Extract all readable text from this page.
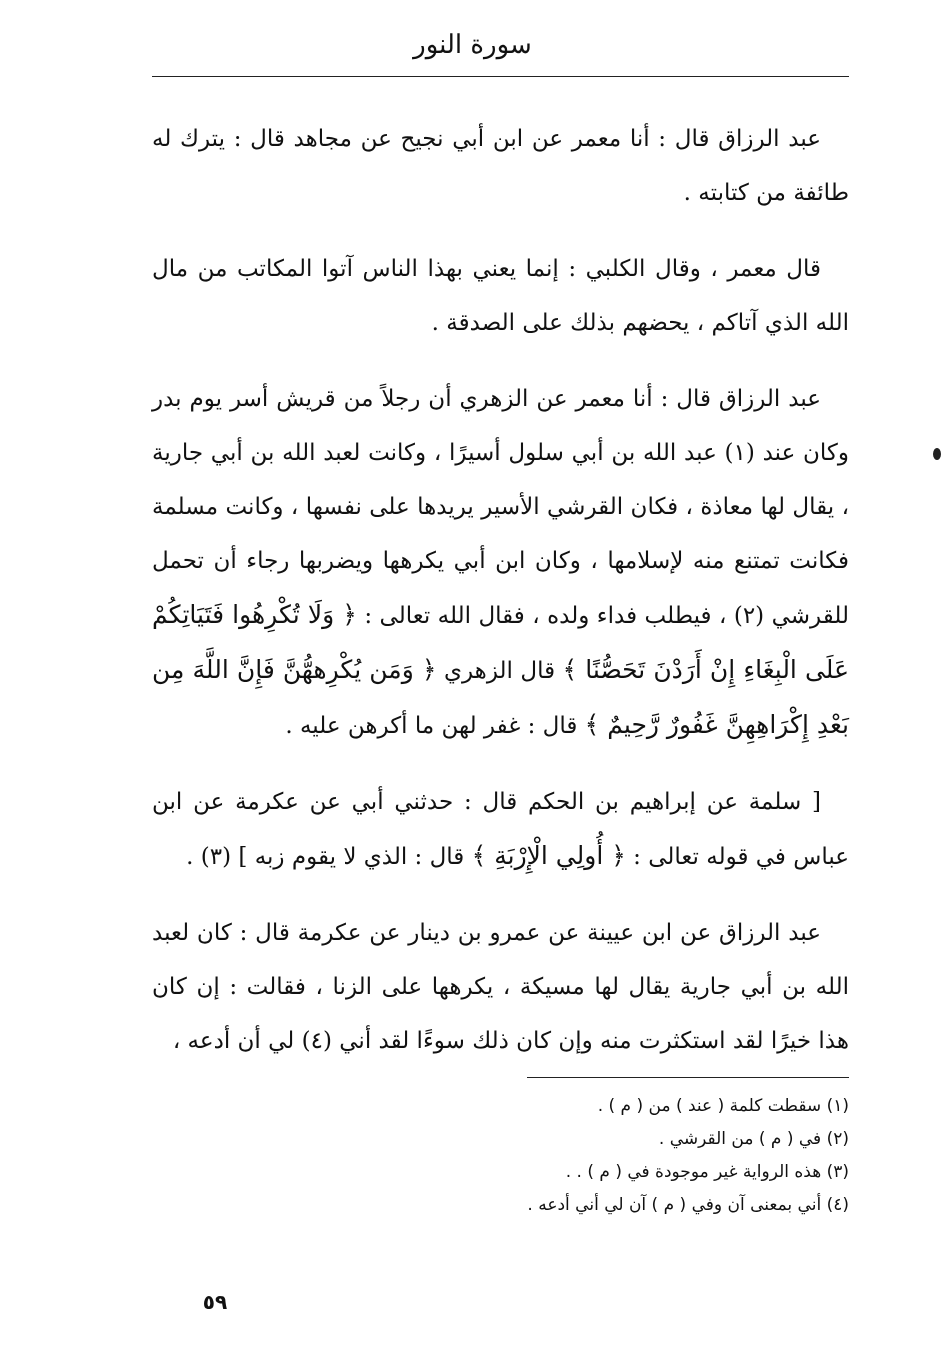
سورة النور

عبد الرزاق قال : أنا معمر عن ابن أبي نجيح عن مجاهد قال : يترك له طائفة من كتابته .

قال معمر ، وقال الكلبي : إنما يعني بهذا الناس آتوا المكاتب من مال الله الذي آتاكم ، يحضهم بذلك على الصدقة .

عبد الرزاق قال : أنا معمر عن الزهري أن رجلاً من قريش أسر يوم بدر وكان عند (١) عبد الله بن أبي سلول أسيرًا ، وكانت لعبد الله بن أبي جارية ، يقال لها معاذة ، فكان القرشي الأسير يريدها على نفسها ، وكانت مسلمة فكانت تمتنع منه لإسلامها ، وكان ابن أبي يكرهها ويضربها رجاء أن تحمل للقرشي (٢) ، فيطلب فداء ولده ، فقال الله تعالى : ﴿ وَلَا تُكْرِهُوا فَتَيَاتِكُمْ عَلَى الْبِغَاءِ إِنْ أَرَدْنَ تَحَصُّنًا ﴾ قال الزهري ﴿ وَمَن يُكْرِههُّنَّ فَإِنَّ اللَّهَ مِن بَعْدِ إِكْرَاهِهِنَّ غَفُورٌ رَّحِيمٌ ﴾ قال : غفر لهن ما أكرهن عليه .

[ سلمة عن إبراهيم بن الحكم قال : حدثني أبي عن عكرمة عن ابن عباس في قوله تعالى : ﴿ أُولِي الْإِرْبَةِ ﴾ قال : الذي لا يقوم زبه ] (٣) .

عبد الرزاق عن ابن عيينة عن عمرو بن دينار عن عكرمة قال : كان لعبد الله بن أبي جارية يقال لها مسيكة ، يكرهها على الزنا ، فقالت : إن كان هذا خيرًا لقد استكثرت منه وإن كان ذلك سوءًا لقد أني (٤) لي أن أدعه ،

(١) سقطت كلمة ( عند ) من ( م ) .

(٢) في ( م ) من القرشي .

(٣) هذه الرواية غير موجودة في ( م ) . .

(٤) أني بمعنى آن وفي ( م ) آن لي أني أدعه .

٥٩
